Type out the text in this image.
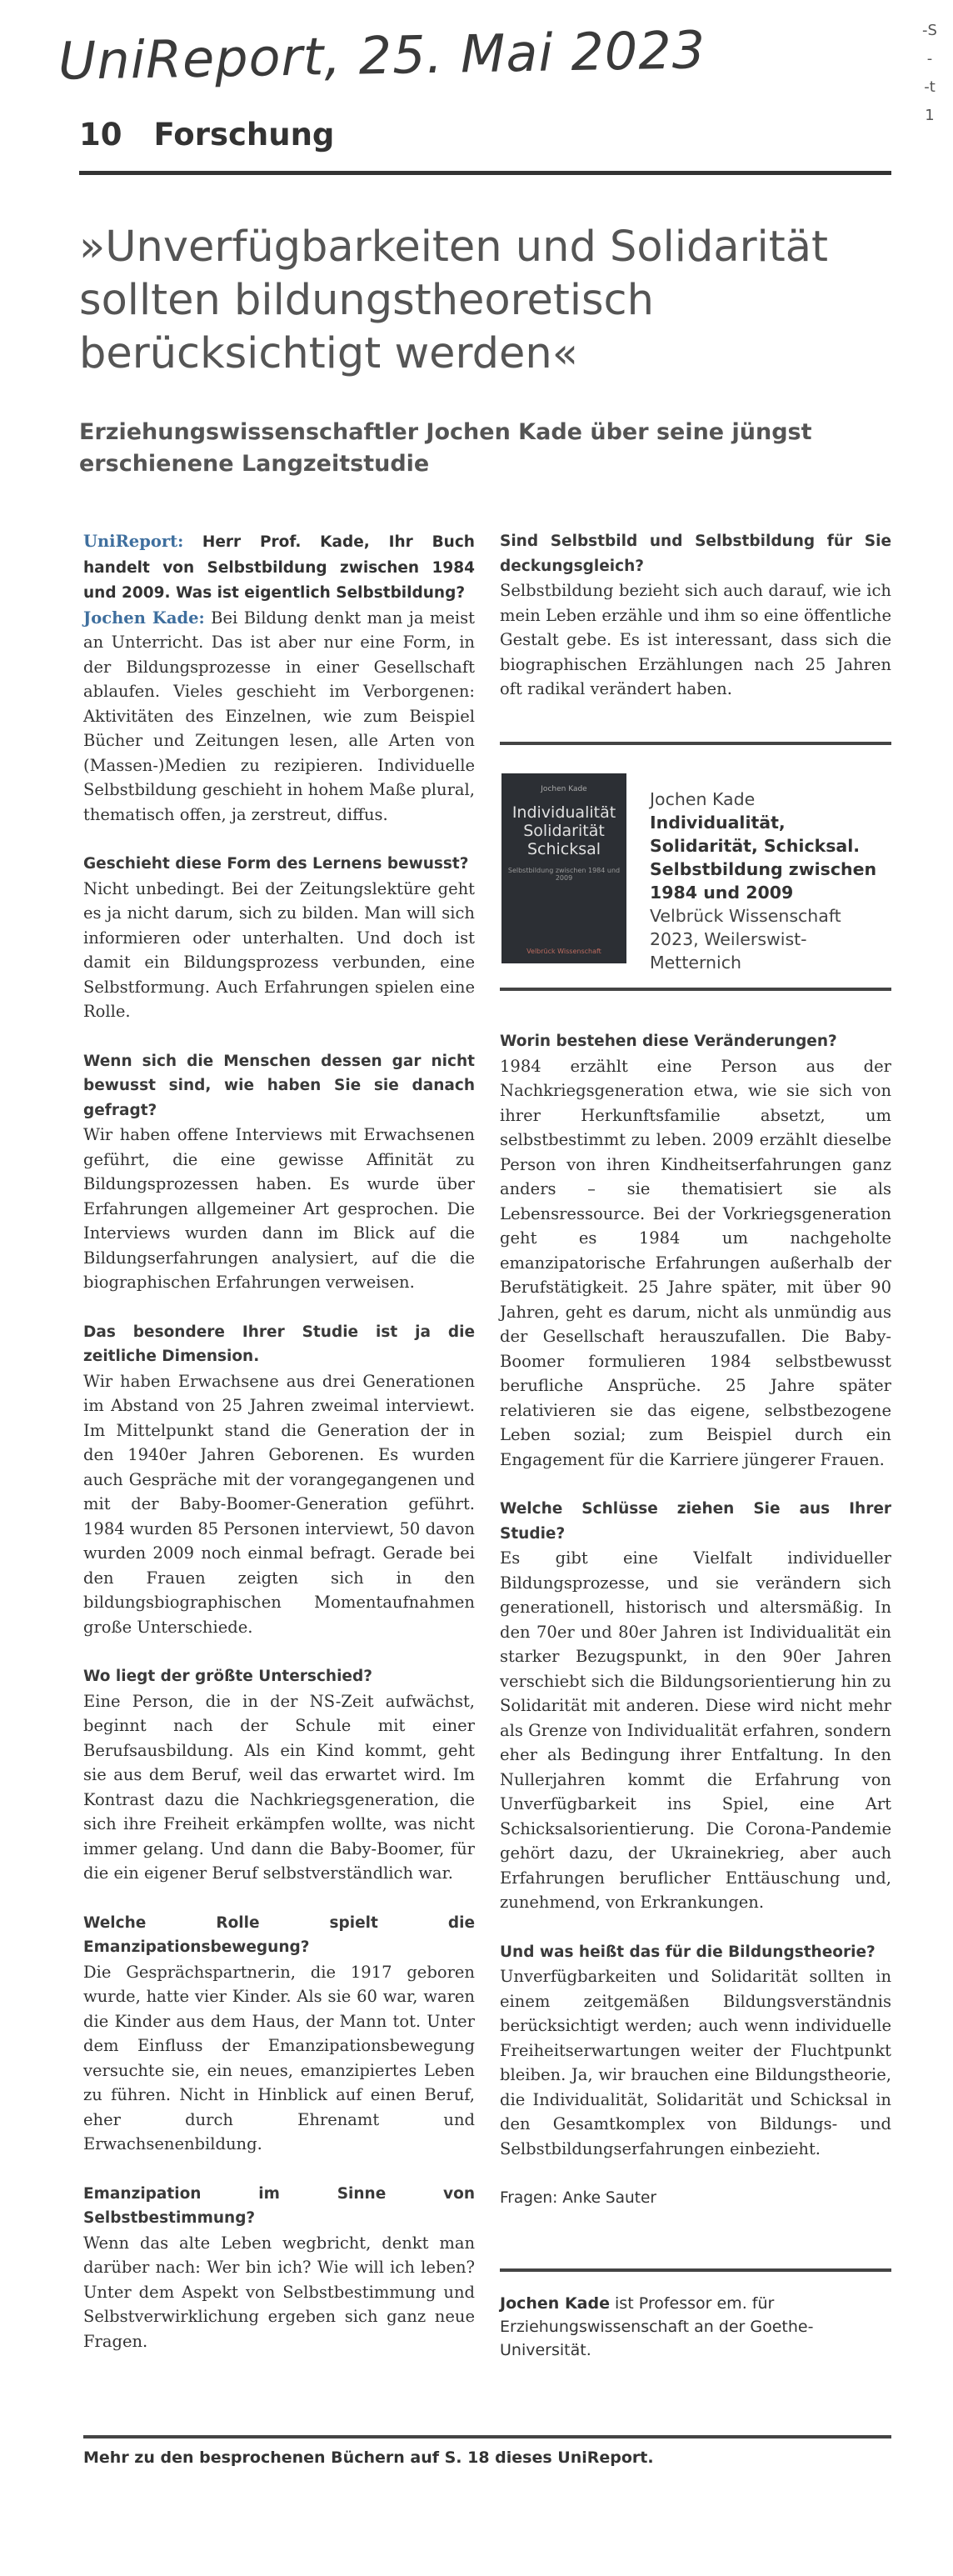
UniReport, 25. Mai 2023	-S
-
-t
1
10 Forschung
»Unverfügbarkeiten und Solidarität sollten bildungstheoretisch berücksichtigt werden«
Erziehungswissenschaftler Jochen Kade über seine jüngst erschienene Langzeitstudie

UniReport: Herr Prof. Kade, Ihr Buch handelt von Selbstbildung zwischen 1984 und 2009. Was ist eigentlich Selbstbildung?
Jochen Kade: Bei Bildung denkt man ja meist an Unterricht. Das ist aber nur eine Form, in der Bildungsprozesse in einer Gesellschaft ablaufen. Vieles geschieht im Verborgenen: Aktivitäten des Einzelnen, wie zum Beispiel Bücher und Zeitungen lesen, alle Arten von (Massen-)Medien zu rezipieren. Individuelle Selbstbildung geschieht in hohem Maße plural, thematisch offen, ja zerstreut, diffus.

Geschieht diese Form des Lernens bewusst?
Nicht unbedingt. Bei der Zeitungslektüre geht es ja nicht darum, sich zu bilden. Man will sich informieren oder unterhalten. Und doch ist damit ein Bildungsprozess verbunden, eine Selbstformung. Auch Erfahrungen spielen eine Rolle.

Wenn sich die Menschen dessen gar nicht bewusst sind, wie haben Sie sie danach gefragt?
Wir haben offene Interviews mit Erwachsenen geführt, die eine gewisse Affinität zu Bildungsprozessen haben. Es wurde über Erfahrungen allgemeiner Art gesprochen. Die Interviews wurden dann im Blick auf die Bildungserfahrungen analysiert, auf die die biographischen Erfahrungen verweisen.

Das besondere Ihrer Studie ist ja die zeitliche Dimension.
Wir haben Erwachsene aus drei Generationen im Abstand von 25 Jahren zweimal interviewt. Im Mittelpunkt stand die Generation der in den 1940er Jahren Geborenen. Es wurden auch Gespräche mit der vorangegangenen und mit der Baby-Boomer-Generation geführt. 1984 wurden 85 Personen interviewt, 50 davon wurden 2009 noch einmal befragt. Gerade bei den Frauen zeigten sich in den bildungsbiographischen Momentaufnahmen große Unterschiede.

Wo liegt der größte Unterschied?
Eine Person, die in der NS-Zeit aufwächst, beginnt nach der Schule mit einer Berufsausbildung. Als ein Kind kommt, geht sie aus dem Beruf, weil das erwartet wird. Im Kontrast dazu die Nachkriegsgeneration, die sich ihre Freiheit erkämpfen wollte, was nicht immer gelang. Und dann die Baby-Boomer, für die ein eigener Beruf selbstverständlich war.

Welche Rolle spielt die Emanzipationsbewegung?
Die Gesprächspartnerin, die 1917 geboren wurde, hatte vier Kinder. Als sie 60 war, waren die Kinder aus dem Haus, der Mann tot. Unter dem Einfluss der Emanzipationsbewegung versuchte sie, ein neues, emanzipiertes Leben zu führen. Nicht in Hinblick auf einen Beruf, eher durch Ehrenamt und Erwachsenenbildung.

Emanzipation im Sinne von Selbstbestimmung?
Wenn das alte Leben wegbricht, denkt man darüber nach: Wer bin ich? Wie will ich leben? Unter dem Aspekt von Selbstbestimmung und Selbstverwirklichung ergeben sich ganz neue Fragen.

Sind Selbstbild und Selbstbildung für Sie deckungsgleich?
Selbstbildung bezieht sich auch darauf, wie ich mein Leben erzähle und ihm so eine öffentliche Gestalt gebe. Es ist interessant, dass sich die biographischen Erzählungen nach 25 Jahren oft radikal verändert haben.

Jochen Kade
Individualität Solidarität Schicksal
Selbstbildung zwischen 1984 und 2009
Velbrück Wissenschaft
Jochen Kade
Individualität, Solidarität, Schicksal. Selbstbildung zwischen 1984 und 2009
Velbrück Wissenschaft 2023, Weilerswist-Metternich

Worin bestehen diese Veränderungen?
1984 erzählt eine Person aus der Nachkriegsgeneration etwa, wie sie sich von ihrer Herkunftsfamilie absetzt, um selbstbestimmt zu leben. 2009 erzählt dieselbe Person von ihren Kindheitserfahrungen ganz anders – sie thematisiert sie als Lebensressource. Bei der Vorkriegsgeneration geht es 1984 um nachgeholte emanzipatorische Erfahrungen außerhalb der Berufstätigkeit. 25 Jahre später, mit über 90 Jahren, geht es darum, nicht als unmündig aus der Gesellschaft herauszufallen. Die Baby-Boomer formulieren 1984 selbstbewusst berufliche Ansprüche. 25 Jahre später relativieren sie das eigene, selbstbezogene Leben sozial; zum Beispiel durch ein Engagement für die Karriere jüngerer Frauen.

Welche Schlüsse ziehen Sie aus Ihrer Studie?
Es gibt eine Vielfalt individueller Bildungsprozesse, und sie verändern sich generationell, historisch und altersmäßig. In den 70er und 80er Jahren ist Individualität ein starker Bezugspunkt, in den 90er Jahren verschiebt sich die Bildungsorientierung hin zu Solidarität mit anderen. Diese wird nicht mehr als Grenze von Individualität erfahren, sondern eher als Bedingung ihrer Entfaltung. In den Nullerjahren kommt die Erfahrung von Unverfügbarkeit ins Spiel, eine Art Schicksalsorientierung. Die Corona-Pandemie gehört dazu, der Ukrainekrieg, aber auch Erfahrungen beruflicher Enttäuschung und, zunehmend, von Erkrankungen.

Und was heißt das für die Bildungstheorie?
Unverfügbarkeiten und Solidarität sollten in einem zeitgemäßen Bildungsverständnis berücksichtigt werden; auch wenn individuelle Freiheitserwartungen weiter der Fluchtpunkt bleiben. Ja, wir brauchen eine Bildungstheorie, die Individualität, Solidarität und Schicksal in den Gesamtkomplex von Bildungs- und Selbstbildungserfahrungen einbezieht.

Fragen: Anke Sauter

Jochen Kade ist Professor em. für Erziehungswissenschaft an der Goethe-Universität.
Mehr zu den besprochenen Büchern auf S. 18 dieses UniReport.
